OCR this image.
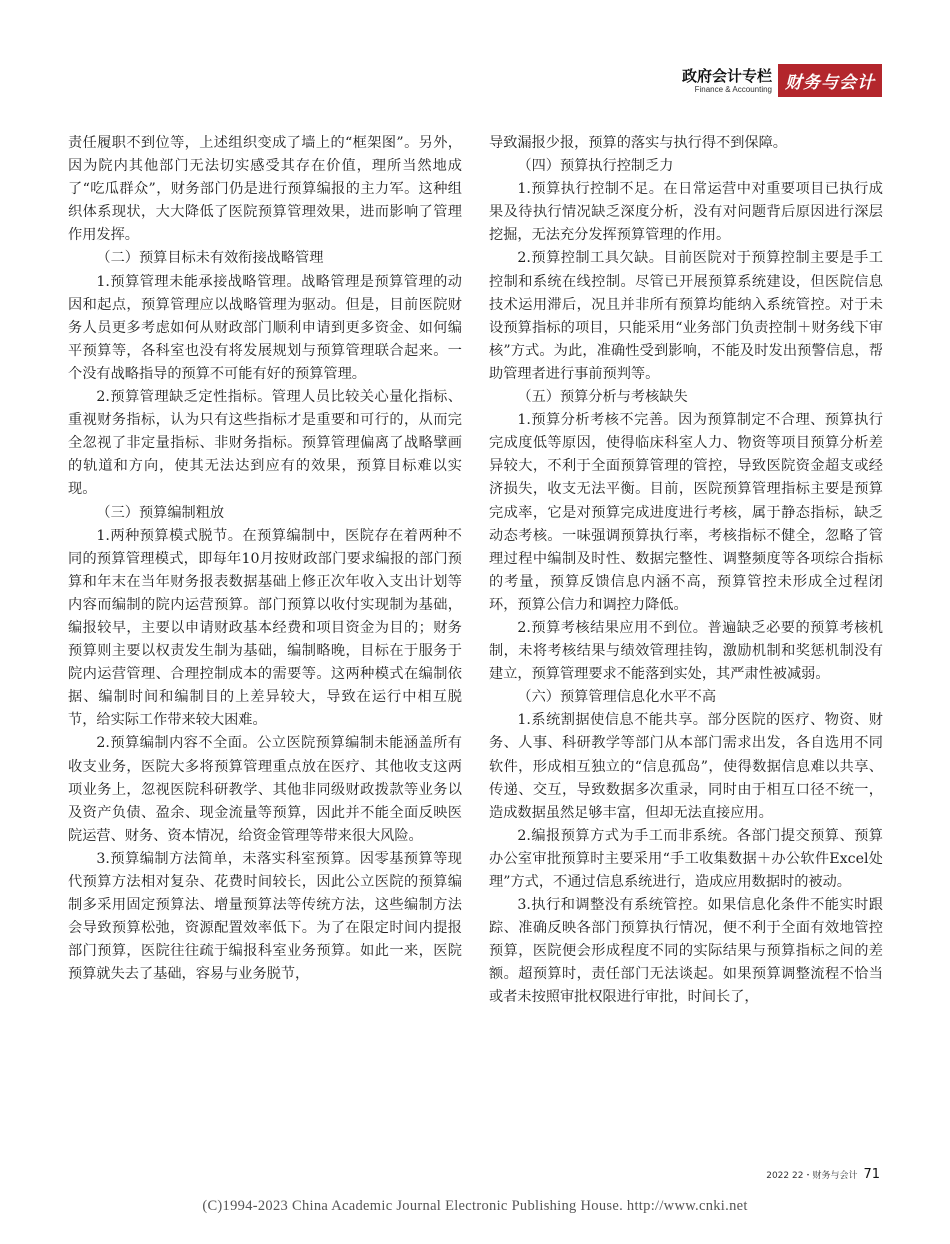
政府会计专栏
Finance & Accounting 财务与会计

责任履职不到位等，上述组织变成了墙上的“框架图”。另外，因为院内其他部门无法切实感受其存在价值，理所当然地成了“吃瓜群众”，财务部门仍是进行预算编报的主力军。这种组织体系现状，大大降低了医院预算管理效果，进而影响了管理作用发挥。

（二）预算目标未有效衔接战略管理

1.预算管理未能承接战略管理。战略管理是预算管理的动因和起点，预算管理应以战略管理为驱动。但是，目前医院财务人员更多考虑如何从财政部门顺利申请到更多资金、如何编平预算等，各科室也没有将发展规划与预算管理联合起来。一个没有战略指导的预算不可能有好的预算管理。

2.预算管理缺乏定性指标。管理人员比较关心量化指标、重视财务指标，认为只有这些指标才是重要和可行的，从而完全忽视了非定量指标、非财务指标。预算管理偏离了战略擘画的轨道和方向，使其无法达到应有的效果，预算目标难以实现。

（三）预算编制粗放

1.两种预算模式脱节。在预算编制中，医院存在着两种不同的预算管理模式，即每年10月按财政部门要求编报的部门预算和年末在当年财务报表数据基础上修正次年收入支出计划等内容而编制的院内运营预算。部门预算以收付实现制为基础，编报较早，主要以申请财政基本经费和项目资金为目的；财务预算则主要以权责发生制为基础，编制略晚，目标在于服务于院内运营管理、合理控制成本的需要等。这两种模式在编制依据、编制时间和编制目的上差异较大，导致在运行中相互脱节，给实际工作带来较大困难。

2.预算编制内容不全面。公立医院预算编制未能涵盖所有收支业务，医院大多将预算管理重点放在医疗、其他收支这两项业务上，忽视医院科研教学、其他非同级财政拨款等业务以及资产负债、盈余、现金流量等预算，因此并不能全面反映医院运营、财务、资本情况，给资金管理等带来很大风险。

3.预算编制方法简单，未落实科室预算。因零基预算等现代预算方法相对复杂、花费时间较长，因此公立医院的预算编制多采用固定预算法、增量预算法等传统方法，这些编制方法会导致预算松弛，资源配置效率低下。为了在限定时间内提报部门预算，医院往往疏于编报科室业务预算。如此一来，医院预算就失去了基础，容易与业务脱节，

导致漏报少报，预算的落实与执行得不到保障。

（四）预算执行控制乏力

1.预算执行控制不足。在日常运营中对重要项目已执行成果及待执行情况缺乏深度分析，没有对问题背后原因进行深层挖掘，无法充分发挥预算管理的作用。

2.预算控制工具欠缺。目前医院对于预算控制主要是手工控制和系统在线控制。尽管已开展预算系统建设，但医院信息技术运用滞后，况且并非所有预算均能纳入系统管控。对于未设预算指标的项目，只能采用“业务部门负责控制＋财务线下审核”方式。为此，准确性受到影响，不能及时发出预警信息，帮助管理者进行事前预判等。

（五）预算分析与考核缺失

1.预算分析考核不完善。因为预算制定不合理、预算执行完成度低等原因，使得临床科室人力、物资等项目预算分析差异较大，不利于全面预算管理的管控，导致医院资金超支或经济损失，收支无法平衡。目前，医院预算管理指标主要是预算完成率，它是对预算完成进度进行考核，属于静态指标，缺乏动态考核。一味强调预算执行率，考核指标不健全，忽略了管理过程中编制及时性、数据完整性、调整频度等各项综合指标的考量，预算反馈信息内涵不高，预算管控未形成全过程闭环，预算公信力和调控力降低。

2.预算考核结果应用不到位。普遍缺乏必要的预算考核机制，未将考核结果与绩效管理挂钩，激励机制和奖惩机制没有建立，预算管理要求不能落到实处，其严肃性被减弱。

（六）预算管理信息化水平不高

1.系统割据使信息不能共享。部分医院的医疗、物资、财务、人事、科研教学等部门从本部门需求出发，各自选用不同软件，形成相互独立的“信息孤岛”，使得数据信息难以共享、传递、交互，导致数据多次重录，同时由于相互口径不统一，造成数据虽然足够丰富，但却无法直接应用。

2.编报预算方式为手工而非系统。各部门提交预算、预算办公室审批预算时主要采用“手工收集数据＋办公软件Excel处理”方式，不通过信息系统进行，造成应用数据时的被动。

3.执行和调整没有系统管控。如果信息化条件不能实时跟踪、准确反映各部门预算执行情况，便不利于全面有效地管控预算，医院便会形成程度不同的实际结果与预算指标之间的差额。超预算时，责任部门无法谈起。如果预算调整流程不恰当或者未按照审批权限进行审批，时间长了，

2022 22・财务与会计 71
(C)1994-2023 China Academic Journal Electronic Publishing House. http://www.cnki.net
